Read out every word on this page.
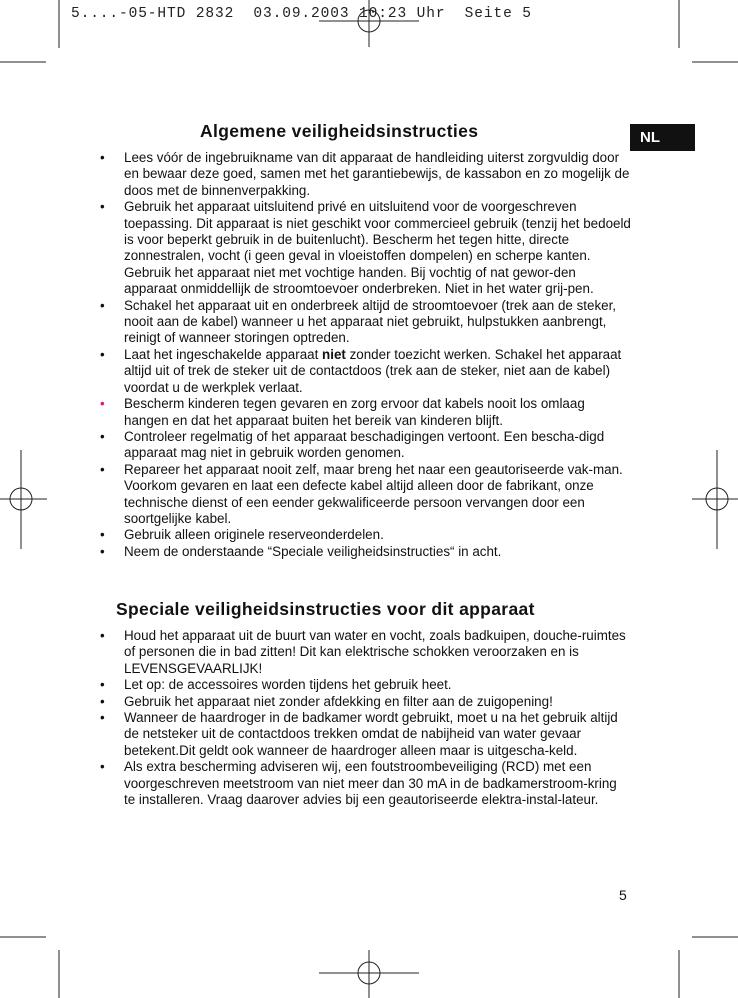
5....-05-HTD 2832  03.09.2003 10:23 Uhr  Seite 5
NL
Algemene veiligheidsinstructies
• Lees vóór de ingebruikname van dit apparaat de handleiding uiterst zorgvuldig door en bewaar deze goed, samen met het garantiebewijs, de kassabon en zo mogelijk de doos met de binnenverpakking.
• Gebruik het apparaat uitsluitend privé en uitsluitend voor de voorgeschreven toepassing. Dit apparaat is niet geschikt voor commercieel gebruik (tenzij het bedoeld is voor beperkt gebruik in de buitenlucht). Bescherm het tegen hitte, directe zonnestralen, vocht (i geen geval in vloeistoffen dompelen) en scherpe kanten. Gebruik het apparaat niet met vochtige handen. Bij vochtig of nat gewor-den apparaat onmiddellijk de stroomtoevoer onderbreken. Niet in het water grij-pen.
• Schakel het apparaat uit en onderbreek altijd de stroomtoevoer (trek aan de steker, nooit aan de kabel) wanneer u het apparaat niet gebruikt, hulpstukken aanbrengt, reinigt of wanneer storingen optreden.
• Laat het ingeschakelde apparaat niet zonder toezicht werken. Schakel het apparaat altijd uit of trek de steker uit de contactdoos (trek aan de steker, niet aan de kabel) voordat u de werkplek verlaat.
• Bescherm kinderen tegen gevaren en zorg ervoor dat kabels nooit los omlaag hangen en dat het apparaat buiten het bereik van kinderen blijft.
• Controleer regelmatig of het apparaat beschadigingen vertoont. Een bescha-digd apparaat mag niet in gebruik worden genomen.
• Repareer het apparaat nooit zelf, maar breng het naar een geautoriseerde vak-man. Voorkom gevaren en laat een defecte kabel altijd alleen door de fabrikant, onze technische dienst of een eender gekwalificeerde persoon vervangen door een soortgelijke kabel.
• Gebruik alleen originele reserveonderdelen.
• Neem de onderstaande “Speciale veiligheidsinstructies“ in acht.
Speciale veiligheidsinstructies voor dit apparaat
• Houd het apparaat uit de buurt van water en vocht, zoals badkuipen, douche-ruimtes of personen die in bad zitten! Dit kan elektrische schokken veroorzaken en is LEVENSGEVAARLIJK!
• Let op: de accessoires worden tijdens het gebruik heet.
• Gebruik het apparaat niet zonder afdekking en filter aan de zuigopening!
• Wanneer de haardroger in de badkamer wordt gebruikt, moet u na het gebruik altijd de netsteker uit de contactdoos trekken omdat de nabijheid van water gevaar betekent.Dit geldt ook wanneer de haardroger alleen maar is uitgescha-keld.
• Als extra bescherming adviseren wij, een foutstroombeveiliging (RCD) met een voorgeschreven meetstroom van niet meer dan 30 mA in de badkamerstroom-kring te installeren. Vraag daarover advies bij een geautoriseerde elektra-instal-lateur.
5
